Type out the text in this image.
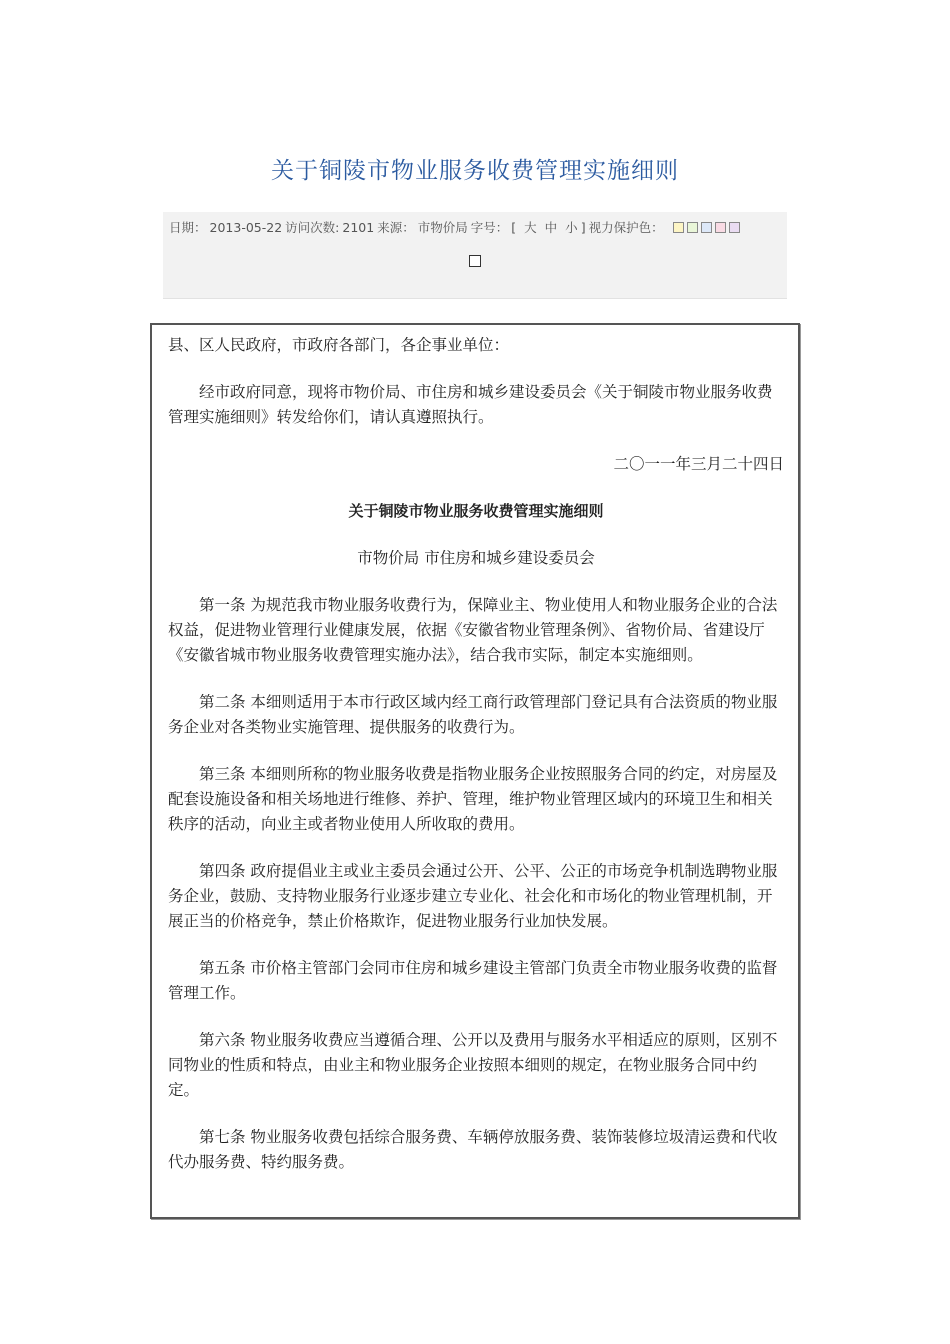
关于铜陵市物业服务收费管理实施细则
日期： 2013-05-22 访问次数: 2101 来源： 市物价局 字号： [ 大 中 小 ] 视力保护色：

县、区人民政府，市政府各部门，各企事业单位：

经市政府同意，现将市物价局、市住房和城乡建设委员会《关于铜陵市物业服务收费管理实施细则》转发给你们，请认真遵照执行。

二〇一一年三月二十四日

关于铜陵市物业服务收费管理实施细则

市物价局 市住房和城乡建设委员会

第一条 为规范我市物业服务收费行为，保障业主、物业使用人和物业服务企业的合法权益，促进物业管理行业健康发展，依据《安徽省物业管理条例》、省物价局、省建设厅《安徽省城市物业服务收费管理实施办法》，结合我市实际，制定本实施细则。

第二条 本细则适用于本市行政区域内经工商行政管理部门登记具有合法资质的物业服务企业对各类物业实施管理、提供服务的收费行为。

第三条 本细则所称的物业服务收费是指物业服务企业按照服务合同的约定，对房屋及配套设施设备和相关场地进行维修、养护、管理，维护物业管理区域内的环境卫生和相关秩序的活动，向业主或者物业使用人所收取的费用。

第四条 政府提倡业主或业主委员会通过公开、公平、公正的市场竞争机制选聘物业服务企业，鼓励、支持物业服务行业逐步建立专业化、社会化和市场化的物业管理机制，开展正当的价格竞争，禁止价格欺诈，促进物业服务行业加快发展。

第五条 市价格主管部门会同市住房和城乡建设主管部门负责全市物业服务收费的监督管理工作。

第六条 物业服务收费应当遵循合理、公开以及费用与服务水平相适应的原则，区别不同物业的性质和特点，由业主和物业服务企业按照本细则的规定，在物业服务合同中约定。

第七条 物业服务收费包括综合服务费、车辆停放服务费、装饰装修垃圾清运费和代收代办服务费、特约服务费。
